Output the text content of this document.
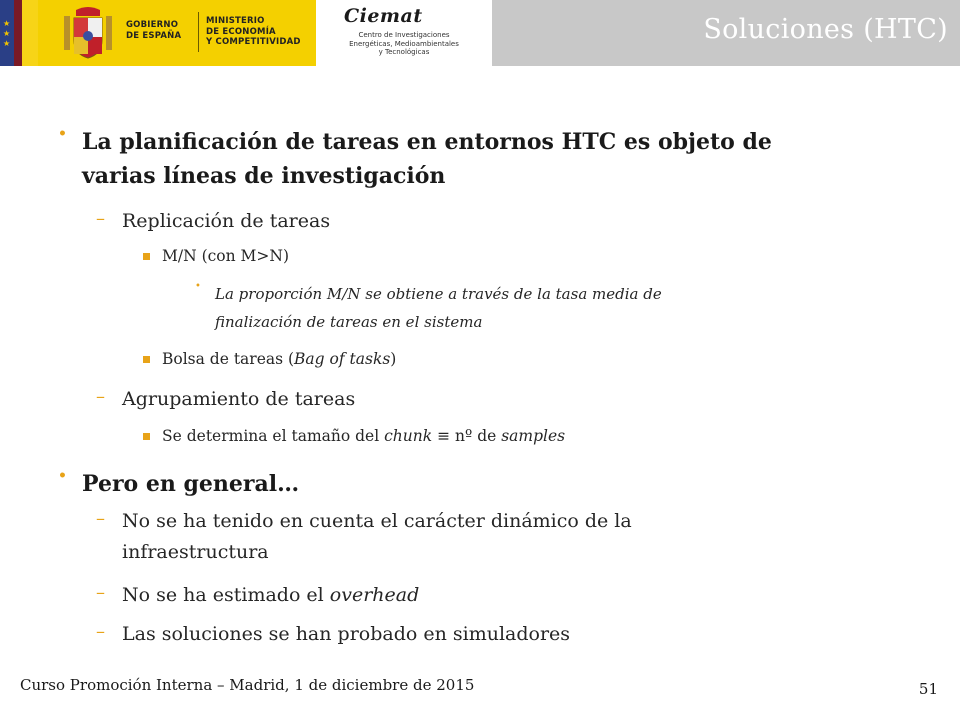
★
★
★
GOBIERNO
DE ESPAÑA
MINISTERIO
DE ECONOMÍA
Y COMPETITIVIDAD
Ciemat
Centro de Investigaciones
Energéticas, Medioambientales
y Tecnológicas
Soluciones (HTC)
• La planificación de tareas en entornos HTC es objeto de
varias líneas de investigación
– Replicación de tareas
M/N (con M>N)
• La proporción M/N se obtiene a través de la tasa media de
finalización de tareas en el sistema
Bolsa de tareas (Bag of tasks)
– Agrupamiento de tareas
Se determina el tamaño del chunk ≡ nº de samples
• Pero en general…
– No se ha tenido en cuenta el carácter dinámico de la
infraestructura
– No se ha estimado el overhead
– Las soluciones se han probado en simuladores
Curso Promoción Interna – Madrid, 1 de diciembre de 2015	51
